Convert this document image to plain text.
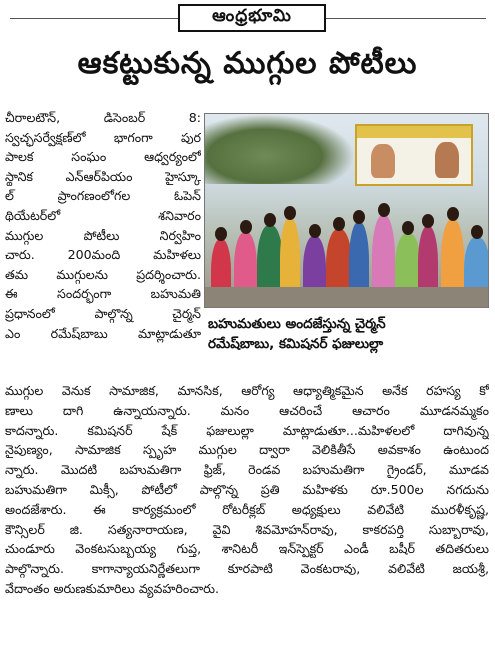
ఆంధ్రభూమి
ఆకట్టుకున్న ముగ్గుల పోటీలు
చీరాలటౌన్, డిసెంబర్ 8:
స్వచ్ఛసర్వేక్షణ్‌లో భాగంగా పుర
పాలక సంఘం ఆధ్వర్యంలో
స్థానిక ఎన్ఆర్‌పియం హైస్కూ
ల్ ప్రాంగణంలోగల ఓపెన్
థియేటర్‌లో శనివారం
ముగ్గుల పోటీలు నిర్వహిం
చారు. 200మంది మహిళలు
తమ ముగ్గులను ప్రదర్శించారు.
ఈ సందర్భంగా బహుమతి
ప్రధానంలో పాల్గొన్న చైర్మన్
ఎం రమేష్‌బాబు మాట్లాడుతూ
బహుమతులు అందజేస్తున్న చైర్మన్
రమేష్‌బాబు, కమిషనర్ ఫజులుల్లా
ముగ్గుల వెనుక సామాజిక, మానసిక, ఆరోగ్య ఆధ్యాత్మికమైన అనేక రహస్య కో
ణాలు దాగి ఉన్నాయన్నారు. మనం ఆచరించే ఆచారం మూడనమ్మకం
కాదన్నారు. కమిషనర్ షేక్ ఫజులుల్లా మాట్లాడుతూ...మహిళలలో దాగివున్న
నైపుణ్యం, సామాజిక స్పృహ ముగ్గుల ద్వారా వెలికితీసే అవకాశం ఉంటుంద
న్నారు. మొదటి బహుమతిగా ఫ్రిజ్, రెండవ బహుమతిగా గ్రైండర్, మూడవ
బహుమతిగా మిక్సీ, పోటీలో పాల్గొన్న ప్రతి మహిళకు రూ.500ల నగదును
అందజేశారు. ఈ కార్యక్రమంలో రోటరీక్లబ్ అధ్యక్షులు వలివేటి మురళీకృష్ణ,
కౌన్సిలర్ జి. సత్యనారాయణ, వైవి శివమోహన్‌రావు, కాకరపర్తి సుబ్బారావు,
చుండూరు వెంకటసుబ్బయ్య గుప్త, శానిటరీ ఇన్‌స్పెక్టర్ ఎండీ బషీర్ తదితరులు
పాల్గొన్నారు. కాగాన్యాయనిర్ణేతలుగా కూరపాటి వెంకటరావు, వలివేటి జయశ్రీ,
వేదాంతం అరుణకుమారిలు వ్యవహరించారు.
